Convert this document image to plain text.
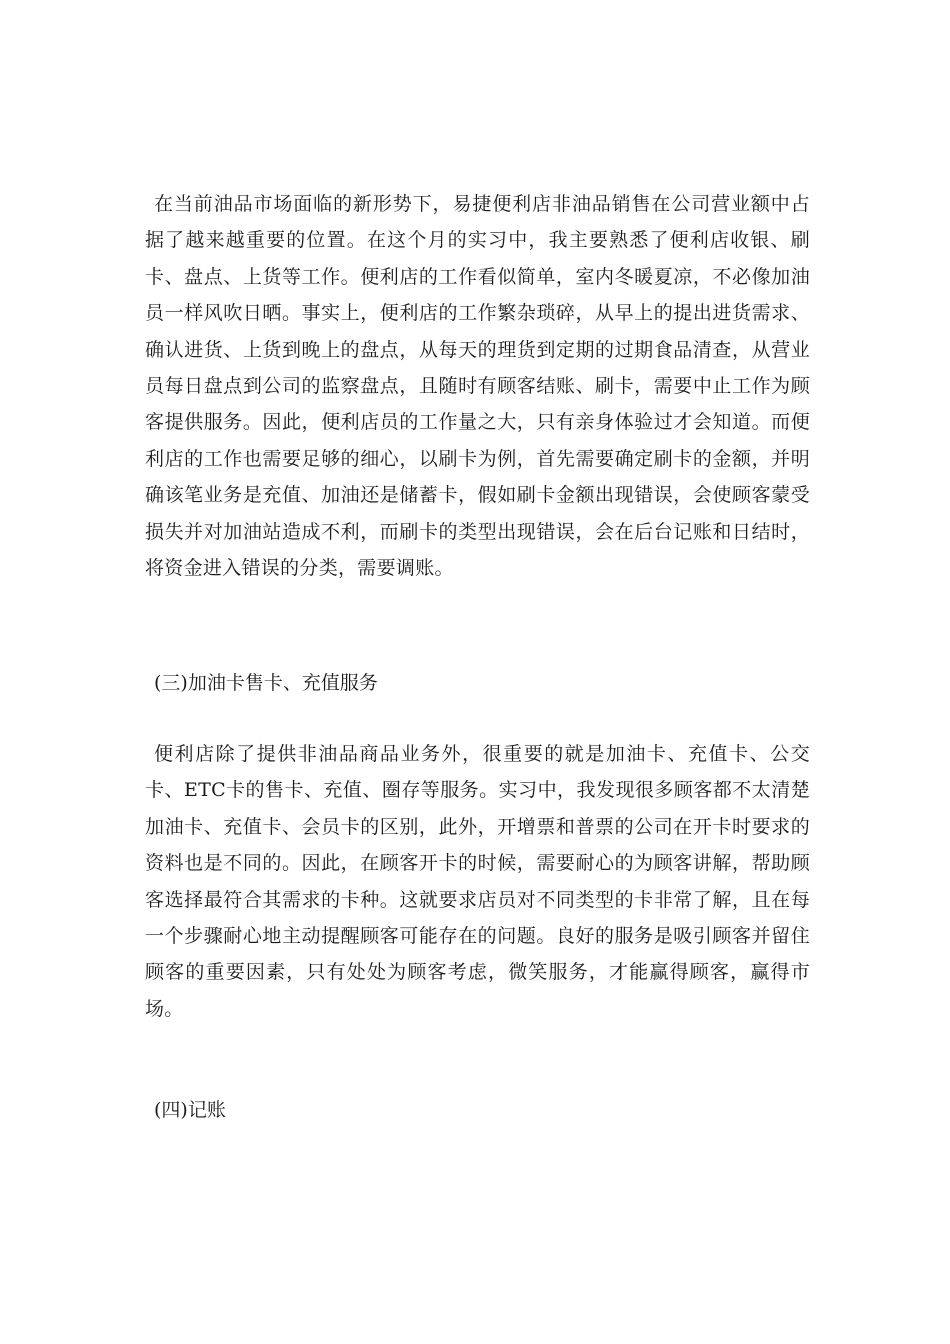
在当前油品市场面临的新形势下，易捷便利店非油品销售在公司营业额中占据了越来越重要的位置。在这个月的实习中，我主要熟悉了便利店收银、刷卡、盘点、上货等工作。便利店的工作看似简单，室内冬暖夏凉，不必像加油员一样风吹日晒。事实上，便利店的工作繁杂琐碎，从早上的提出进货需求、确认进货、上货到晚上的盘点，从每天的理货到定期的过期食品清查，从营业员每日盘点到公司的监察盘点，且随时有顾客结账、刷卡，需要中止工作为顾客提供服务。因此，便利店员的工作量之大，只有亲身体验过才会知道。而便利店的工作也需要足够的细心，以刷卡为例，首先需要确定刷卡的金额，并明确该笔业务是充值、加油还是储蓄卡，假如刷卡金额出现错误，会使顾客蒙受损失并对加油站造成不利，而刷卡的类型出现错误，会在后台记账和日结时，将资金进入错误的分类，需要调账。

(三)加油卡售卡、充值服务

便利店除了提供非油品商品业务外，很重要的就是加油卡、充值卡、公交卡、ETC卡的售卡、充值、圈存等服务。实习中，我发现很多顾客都不太清楚加油卡、充值卡、会员卡的区别，此外，开增票和普票的公司在开卡时要求的资料也是不同的。因此，在顾客开卡的时候，需要耐心的为顾客讲解，帮助顾客选择最符合其需求的卡种。这就要求店员对不同类型的卡非常了解，且在每一个步骤耐心地主动提醒顾客可能存在的问题。良好的服务是吸引顾客并留住顾客的重要因素，只有处处为顾客考虑，微笑服务，才能赢得顾客，赢得市场。

(四)记账
